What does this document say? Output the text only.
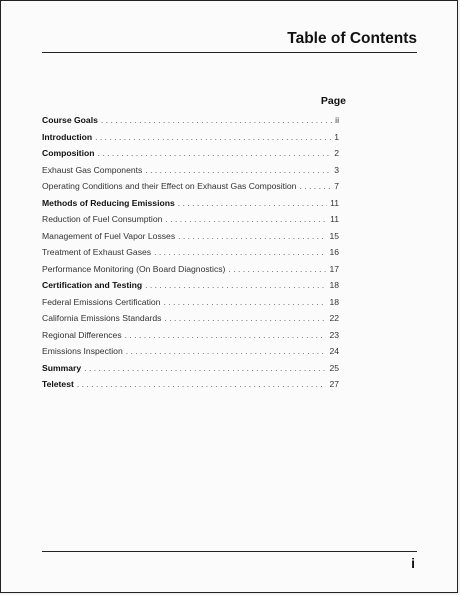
Table of Contents
Page
Course Goals . . .	ii
Introduction . . .	1
Composition . . .	2
Exhaust Gas Components . . .	3
Operating Conditions and their Effect on Exhaust Gas Composition . . .	7
Methods of Reducing Emissions . . .	11
Reduction of Fuel Consumption . . .	11
Management of Fuel Vapor Losses . . .	15
Treatment of Exhaust Gases . . .	16
Performance Monitoring (On Board Diagnostics) . . .	17
Certification and Testing . . .	18
Federal Emissions Certification . . .	18
California Emissions Standards . . .	22
Regional Differences . . .	23
Emissions Inspection . . .	24
Summary . . .	25
Teletest . . .	27
i
